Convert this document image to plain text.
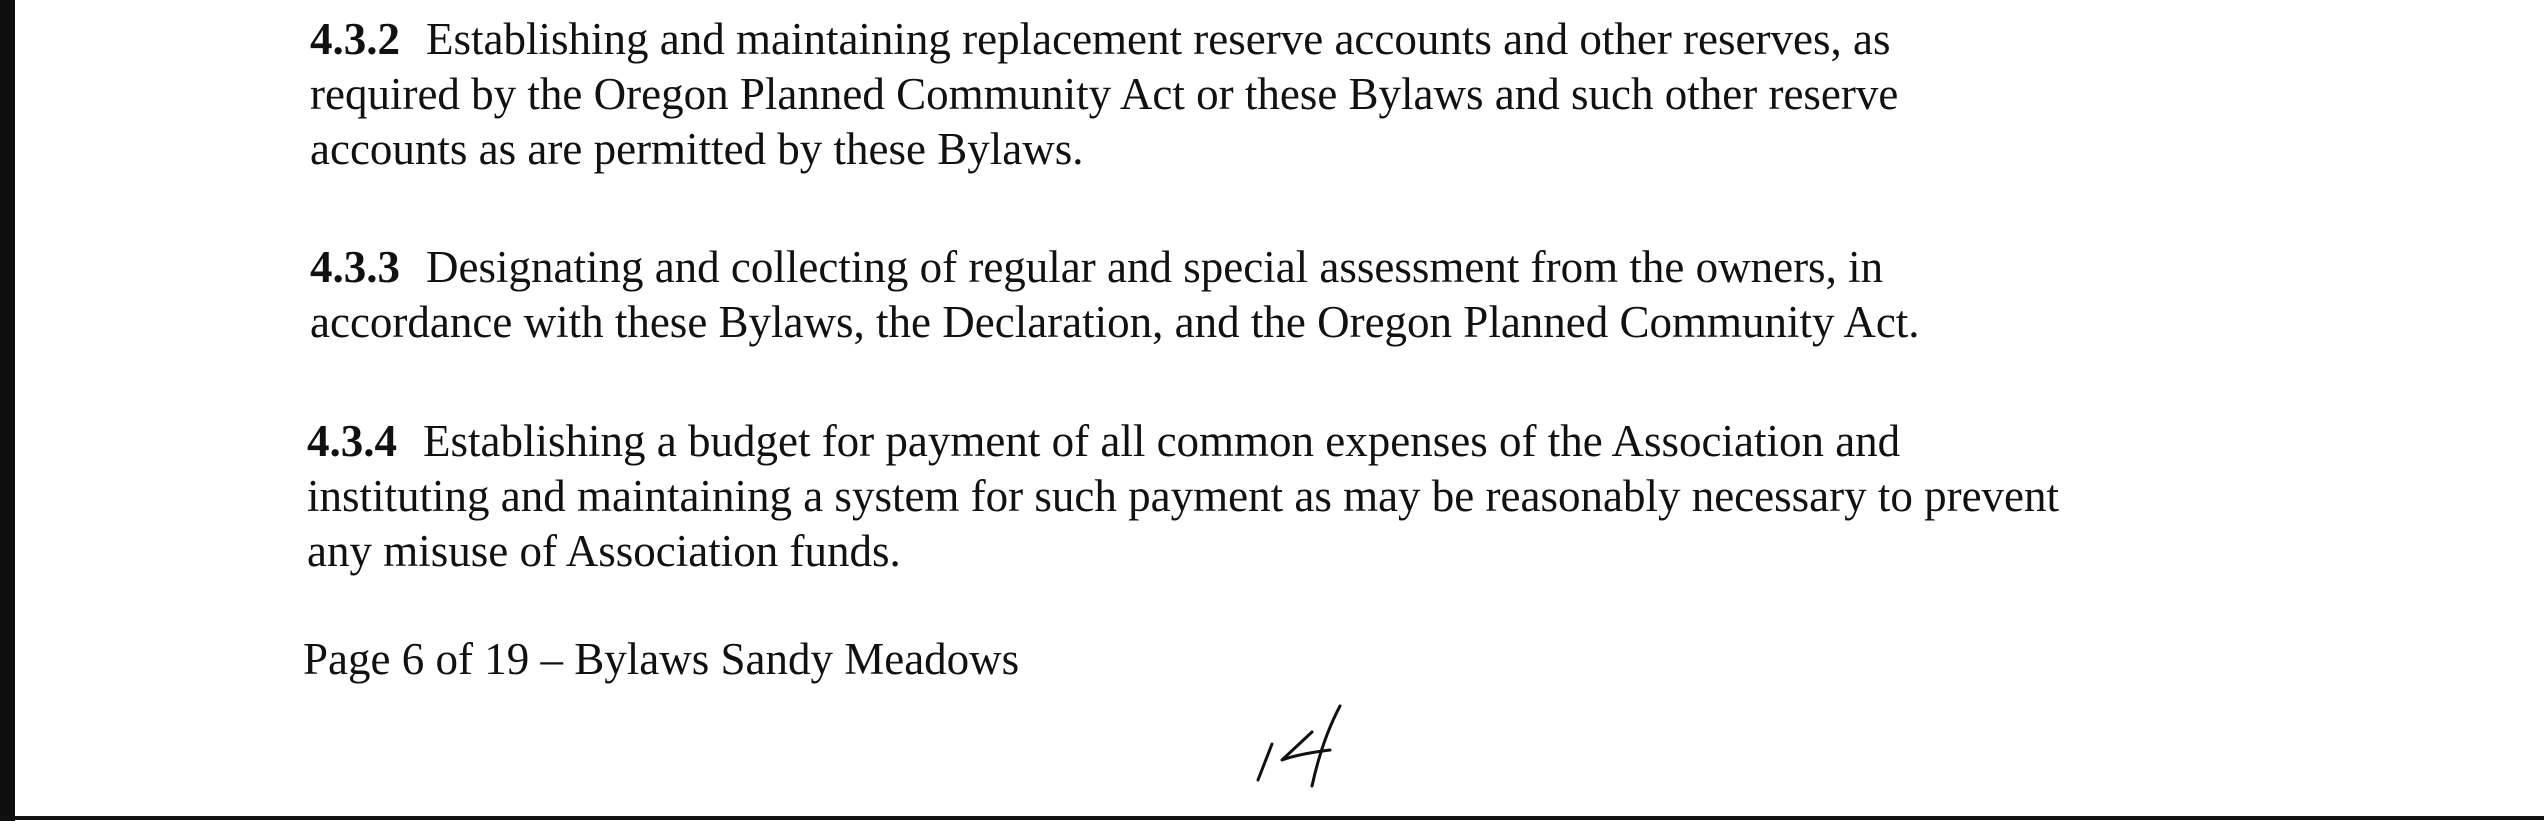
4.3.2 Establishing and maintaining replacement reserve accounts and other reserves, as
required by the Oregon Planned Community Act or these Bylaws and such other reserve
accounts as are permitted by these Bylaws.

4.3.3 Designating and collecting of regular and special assessment from the owners, in
accordance with these Bylaws, the Declaration, and the Oregon Planned Community Act.

4.3.4 Establishing a budget for payment of all common expenses of the Association and
instituting and maintaining a system for such payment as may be reasonably necessary to prevent
any misuse of Association funds.

Page 6 of 19 – Bylaws Sandy Meadows
